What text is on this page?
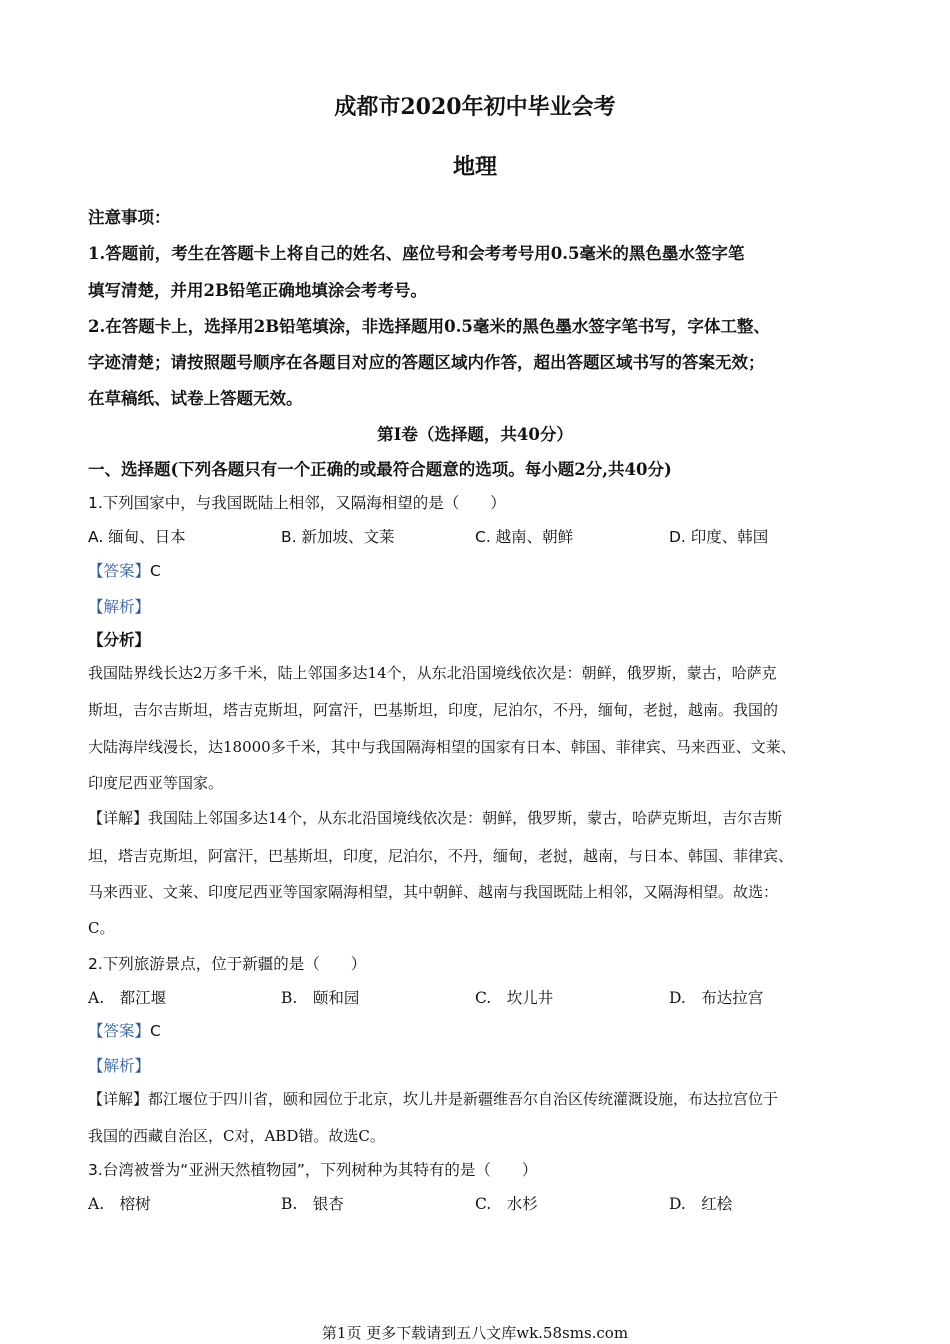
成都市2020年初中毕业会考
地理
注意事项：
1.答题前，考生在答题卡上将自己的姓名、座位号和会考考号用0.5毫米的黑色墨水签字笔
填写清楚，并用2B铅笔正确地填涂会考考号。
2.在答题卡上，选择用2B铅笔填涂，非选择题用0.5毫米的黑色墨水签字笔书写，字体工整、
字迹清楚；请按照题号顺序在各题目对应的答题区域内作答，超出答题区域书写的答案无效；
在草稿纸、试卷上答题无效。
第Ⅰ卷（选择题，共40分）
一、选择题(下列各题只有一个正确的或最符合题意的选项。每小题2分,共40分)
1.下列国家中，与我国既陆上相邻，又隔海相望的是（　　）
A. 缅甸、日本	B. 新加坡、文莱	C. 越南、朝鲜	D. 印度、韩国
【答案】C
【解析】
【分析】
我国陆界线长达2万多千米，陆上邻国多达14个，从东北沿国境线依次是：朝鲜，俄罗斯，蒙古，哈萨克
斯坦，吉尔吉斯坦，塔吉克斯坦，阿富汗，巴基斯坦，印度，尼泊尔，不丹，缅甸，老挝，越南。我国的
大陆海岸线漫长，达18000多千米，其中与我国隔海相望的国家有日本、韩国、菲律宾、马来西亚、文莱、
印度尼西亚等国家。
【详解】我国陆上邻国多达14个，从东北沿国境线依次是：朝鲜，俄罗斯，蒙古，哈萨克斯坦，吉尔吉斯
坦，塔吉克斯坦，阿富汗，巴基斯坦，印度，尼泊尔，不丹，缅甸，老挝，越南，与日本、韩国、菲律宾、
马来西亚、文莱、印度尼西亚等国家隔海相望，其中朝鲜、越南与我国既陆上相邻，又隔海相望。故选：
C。
2.下列旅游景点，位于新疆的是（　　）
A.　都江堰	B.　颐和园	C.　坎儿井	D.　布达拉宫
【答案】C
【解析】
【详解】都江堰位于四川省，颐和园位于北京，坎儿井是新疆维吾尔自治区传统灌溉设施，布达拉宫位于
我国的西藏自治区，C对，ABD错。故选C。
3.台湾被誉为“亚洲天然植物园”，下列树种为其特有的是（　　）
A.　榕树	B.　银杏	C.　水杉	D.　红桧
第1页 更多下载请到五八文库wk.58sms.com
